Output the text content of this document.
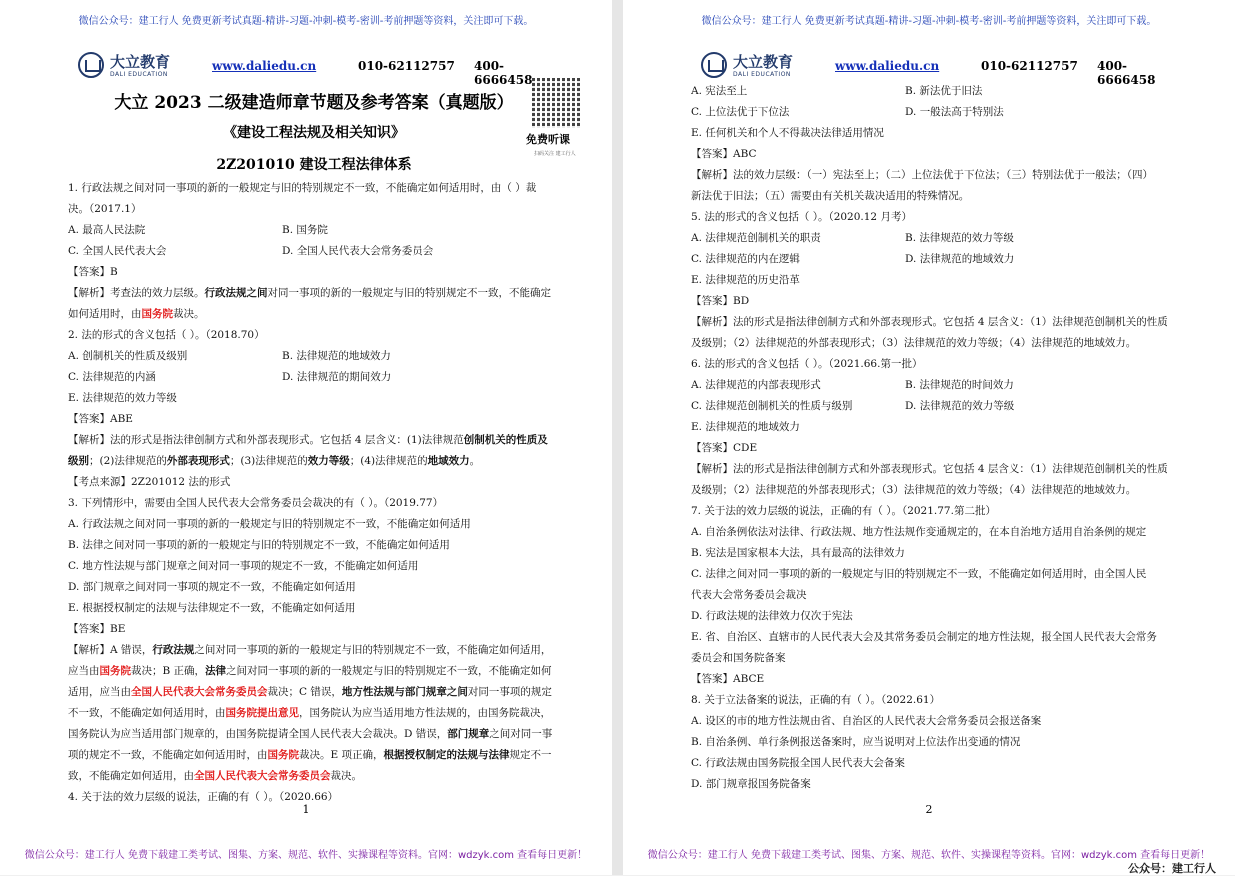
微信公众号：建工行人 免费更新考试真题-精讲-习题-冲刺-模考-密训-考前押题等资料，关注即可下载。
大立教育
DALI EDUCATION
www.daliedu.cn	010-62112757 400-6666458
免费听课
扫码关注 建工行人
大立 2023 二级建造师章节题及参考答案（真题版）
《建设工程法规及相关知识》
2Z201010 建设工程法律体系
1. 行政法规之间对同一事项的新的一般规定与旧的特别规定不一致，不能确定如何适用时，由（ ）裁
决。（2017.1）
A. 最高人民法院	B. 国务院
C. 全国人民代表大会	D. 全国人民代表大会常务委员会
【答案】B
【解析】考查法的效力层级。行政法规之间对同一事项的新的一般规定与旧的特别规定不一致，不能确定
如何适用时，由国务院裁决。
2. 法的形式的含义包括（ ）。（2018.70）
A. 创制机关的性质及级别	B. 法律规范的地域效力
C. 法律规范的内涵	D. 法律规范的期间效力
E. 法律规范的效力等级
【答案】ABE
【解析】法的形式是指法律创制方式和外部表现形式。它包括 4 层含义：(1)法律规范创制机关的性质及
级别；(2)法律规范的外部表现形式；(3)法律规范的效力等级；(4)法律规范的地域效力。
【考点来源】2Z201012 法的形式
3. 下列情形中，需要由全国人民代表大会常务委员会裁决的有（ ）。（2019.77）
A. 行政法规之间对同一事项的新的一般规定与旧的特别规定不一致，不能确定如何适用
B. 法律之间对同一事项的新的一般规定与旧的特别规定不一致，不能确定如何适用
C. 地方性法规与部门规章之间对同一事项的规定不一致，不能确定如何适用
D. 部门规章之间对同一事项的规定不一致，不能确定如何适用
E. 根据授权制定的法规与法律规定不一致，不能确定如何适用
【答案】BE
【解析】A 错误，行政法规之间对同一事项的新的一般规定与旧的特别规定不一致，不能确定如何适用，
应当由国务院裁决；B 正确，法律之间对同一事项的新的一般规定与旧的特别规定不一致，不能确定如何
适用，应当由全国人民代表大会常务委员会裁决；C 错误，地方性法规与部门规章之间对同一事项的规定
不一致，不能确定如何适用时，由国务院提出意见，国务院认为应当适用地方性法规的，由国务院裁决，
国务院认为应当适用部门规章的，由国务院提请全国人民代表大会裁决。D 错误，部门规章之间对同一事
项的规定不一致，不能确定如何适用时，由国务院裁决。E 项正确，根据授权制定的法规与法律规定不一
致，不能确定如何适用，由全国人民代表大会常务委员会裁决。
4. 关于法的效力层级的说法，正确的有（ ）。（2020.66）
1
微信公众号：建工行人 免费下载建工类考试、图集、方案、规范、软件、实操课程等资料。官网：wdzyk.com 查看每日更新！
微信公众号：建工行人 免费更新考试真题-精讲-习题-冲刺-模考-密训-考前押题等资料，关注即可下载。
大立教育
DALI EDUCATION
www.daliedu.cn	010-62112757 400-6666458
A. 宪法至上	B. 新法优于旧法
C. 上位法优于下位法	D. 一般法高于特别法
E. 任何机关和个人不得裁决法律适用情况
【答案】ABC
【解析】法的效力层级：（一）宪法至上；（二）上位法优于下位法；（三）特别法优于一般法；（四）
新法优于旧法；（五）需要由有关机关裁决适用的特殊情况。
5. 法的形式的含义包括（ ）。（2020.12 月考）
A. 法律规范创制机关的职责	B. 法律规范的效力等级
C. 法律规范的内在逻辑	D. 法律规范的地域效力
E. 法律规范的历史沿革
【答案】BD
【解析】法的形式是指法律创制方式和外部表现形式。它包括 4 层含义：（1）法律规范创制机关的性质
及级别；（2）法律规范的外部表现形式；（3）法律规范的效力等级；（4）法律规范的地域效力。
6. 法的形式的含义包括（ ）。（2021.66.第一批）
A. 法律规范的内部表现形式	B. 法律规范的时间效力
C. 法律规范创制机关的性质与级别	D. 法律规范的效力等级
E. 法律规范的地域效力
【答案】CDE
【解析】法的形式是指法律创制方式和外部表现形式。它包括 4 层含义：（1）法律规范创制机关的性质
及级别；（2）法律规范的外部表现形式；（3）法律规范的效力等级；（4）法律规范的地域效力。
7. 关于法的效力层级的说法，正确的有（ ）。（2021.77.第二批）
A. 自治条例依法对法律、行政法规、地方性法规作变通规定的，在本自治地方适用自治条例的规定
B. 宪法是国家根本大法，具有最高的法律效力
C. 法律之间对同一事项的新的一般规定与旧的特别规定不一致，不能确定如何适用时，由全国人民
代表大会常务委员会裁决
D. 行政法规的法律效力仅次于宪法
E. 省、自治区、直辖市的人民代表大会及其常务委员会制定的地方性法规，报全国人民代表大会常务
委员会和国务院备案
【答案】ABCE
8. 关于立法备案的说法，正确的有（ ）。（2022.61）
A. 设区的市的地方性法规由省、自治区的人民代表大会常务委员会报送备案
B. 自治条例、单行条例报送备案时，应当说明对上位法作出变通的情况
C. 行政法规由国务院报全国人民代表大会备案
D. 部门规章报国务院备案
2
微信公众号：建工行人 免费下载建工类考试、图集、方案、规范、软件、实操课程等资料。官网：wdzyk.com 查看每日更新！
公众号：建工行人
